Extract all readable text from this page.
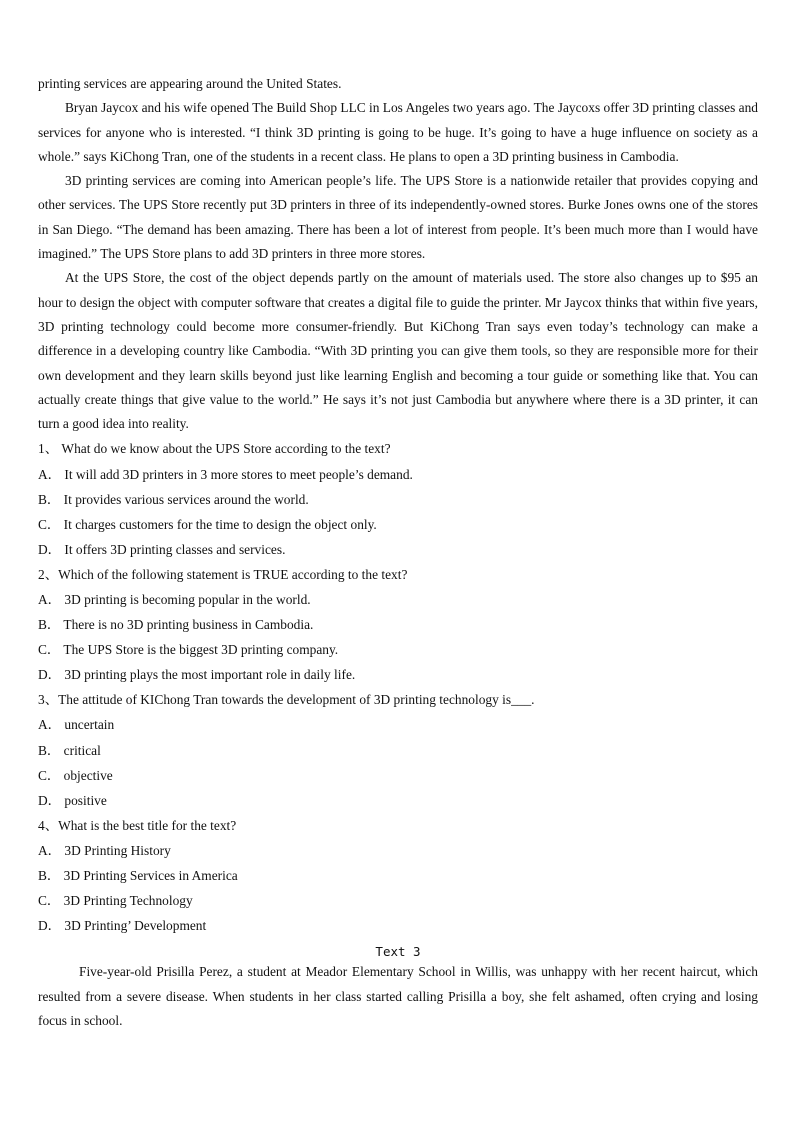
printing services are appearing around the United States.

Bryan Jaycox and his wife opened The Build Shop LLC in Los Angeles two years ago. The Jaycoxs offer 3D printing classes and services for anyone who is interested. “I think 3D printing is going to be huge. It’s going to have a huge influence on society as a whole.” says KiChong Tran, one of the students in a recent class. He plans to open a 3D printing business in Cambodia.

3D printing services are coming into American people’s life. The UPS Store is a nationwide retailer that provides copying and other services. The UPS Store recently put 3D printers in three of its independently-owned stores. Burke Jones owns one of the stores in San Diego. “The demand has been amazing. There has been a lot of interest from people. It’s been much more than I would have imagined.” The UPS Store plans to add 3D printers in three more stores.

At the UPS Store, the cost of the object depends partly on the amount of materials used. The store also changes up to $95 an hour to design the object with computer software that creates a digital file to guide the printer. Mr Jaycox thinks that within five years, 3D printing technology could become more consumer-friendly. But KiChong Tran says even today’s technology can make a difference in a developing country like Cambodia. “With 3D printing you can give them tools, so they are responsible more for their own development and they learn skills beyond just like learning English and becoming a tour guide or something like that. You can actually create things that give value to the world.” He says it’s not just Cambodia but anywhere where there is a 3D printer, it can turn a good idea into reality.

1、 What do we know about the UPS Store according to the text?

A． It will add 3D printers in 3 more stores to meet people’s demand.

B． It provides various services around the world.

C． It charges customers for the time to design the object only.

D． It offers 3D printing classes and services.

2、Which of the following statement is TRUE according to the text?

A． 3D printing is becoming popular in the world.

B． There is no 3D printing business in Cambodia.

C． The UPS Store is the biggest 3D printing company.

D． 3D printing plays the most important role in daily life.

3、The attitude of KIChong Tran towards the development of 3D printing technology is___.

A． uncertain

B． critical

C． objective

D． positive

4、What is the best title for the text?

A． 3D Printing History

B． 3D Printing Services in America

C． 3D Printing Technology

D． 3D Printing’ Development

Text 3

Five-year-old Prisilla Perez, a student at Meador Elementary School in Willis, was unhappy with her recent haircut, which resulted from a severe disease. When students in her class started calling Prisilla a boy, she felt ashamed, often crying and losing focus in school.
